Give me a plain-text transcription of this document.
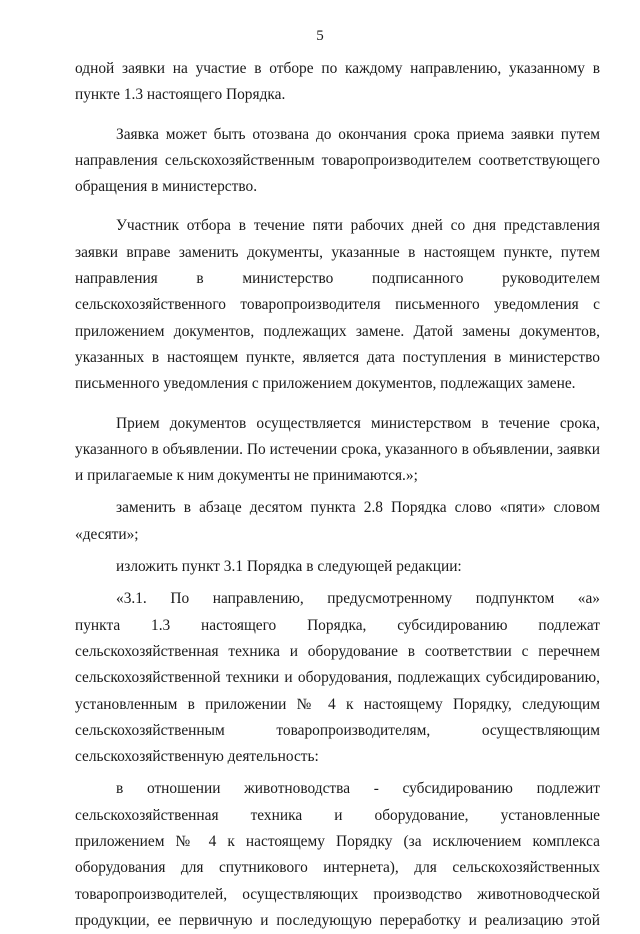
5
одной заявки на участие в отборе по каждому направлению, указанному в
пункте 1.3 настоящего Порядка.
Заявка может быть отозвана до окончания срока приема заявки путем
направления сельскохозяйственным товаропроизводителем соответствующего
обращения в министерство.
Участник отбора в течение пяти рабочих дней со дня представления
заявки вправе заменить документы, указанные в настоящем пункте, путем
направления в министерство подписанного руководителем
сельскохозяйственного товаропроизводителя письменного уведомления с
приложением документов, подлежащих замене. Датой замены документов,
указанных в настоящем пункте, является дата поступления в министерство
письменного уведомления с приложением документов, подлежащих замене.
Прием документов осуществляется министерством в течение срока,
указанного в объявлении. По истечении срока, указанного в объявлении, заявки
и прилагаемые к ним документы не принимаются.»;
заменить в абзаце десятом пункта 2.8 Порядка слово «пяти» словом
«десяти»;
изложить пункт 3.1 Порядка в следующей редакции:
«3.1. По направлению, предусмотренному подпунктом «а»
пункта 1.3 настоящего Порядка, субсидированию подлежат
сельскохозяйственная техника и оборудование в соответствии с перечнем
сельскохозяйственной техники и оборудования, подлежащих субсидированию,
установленным в приложении № 4 к настоящему Порядку, следующим
сельскохозяйственным товаропроизводителям, осуществляющим
сельскохозяйственную деятельность:
в отношении животноводства - субсидированию подлежит
сельскохозяйственная техника и оборудование, установленные
приложением № 4 к настоящему Порядку (за исключением комплекса
оборудования для спутникового интернета), для сельскохозяйственных
товаропроизводителей, осуществляющих производство животноводческой
продукции, ее первичную и последующую переработку и реализацию этой
